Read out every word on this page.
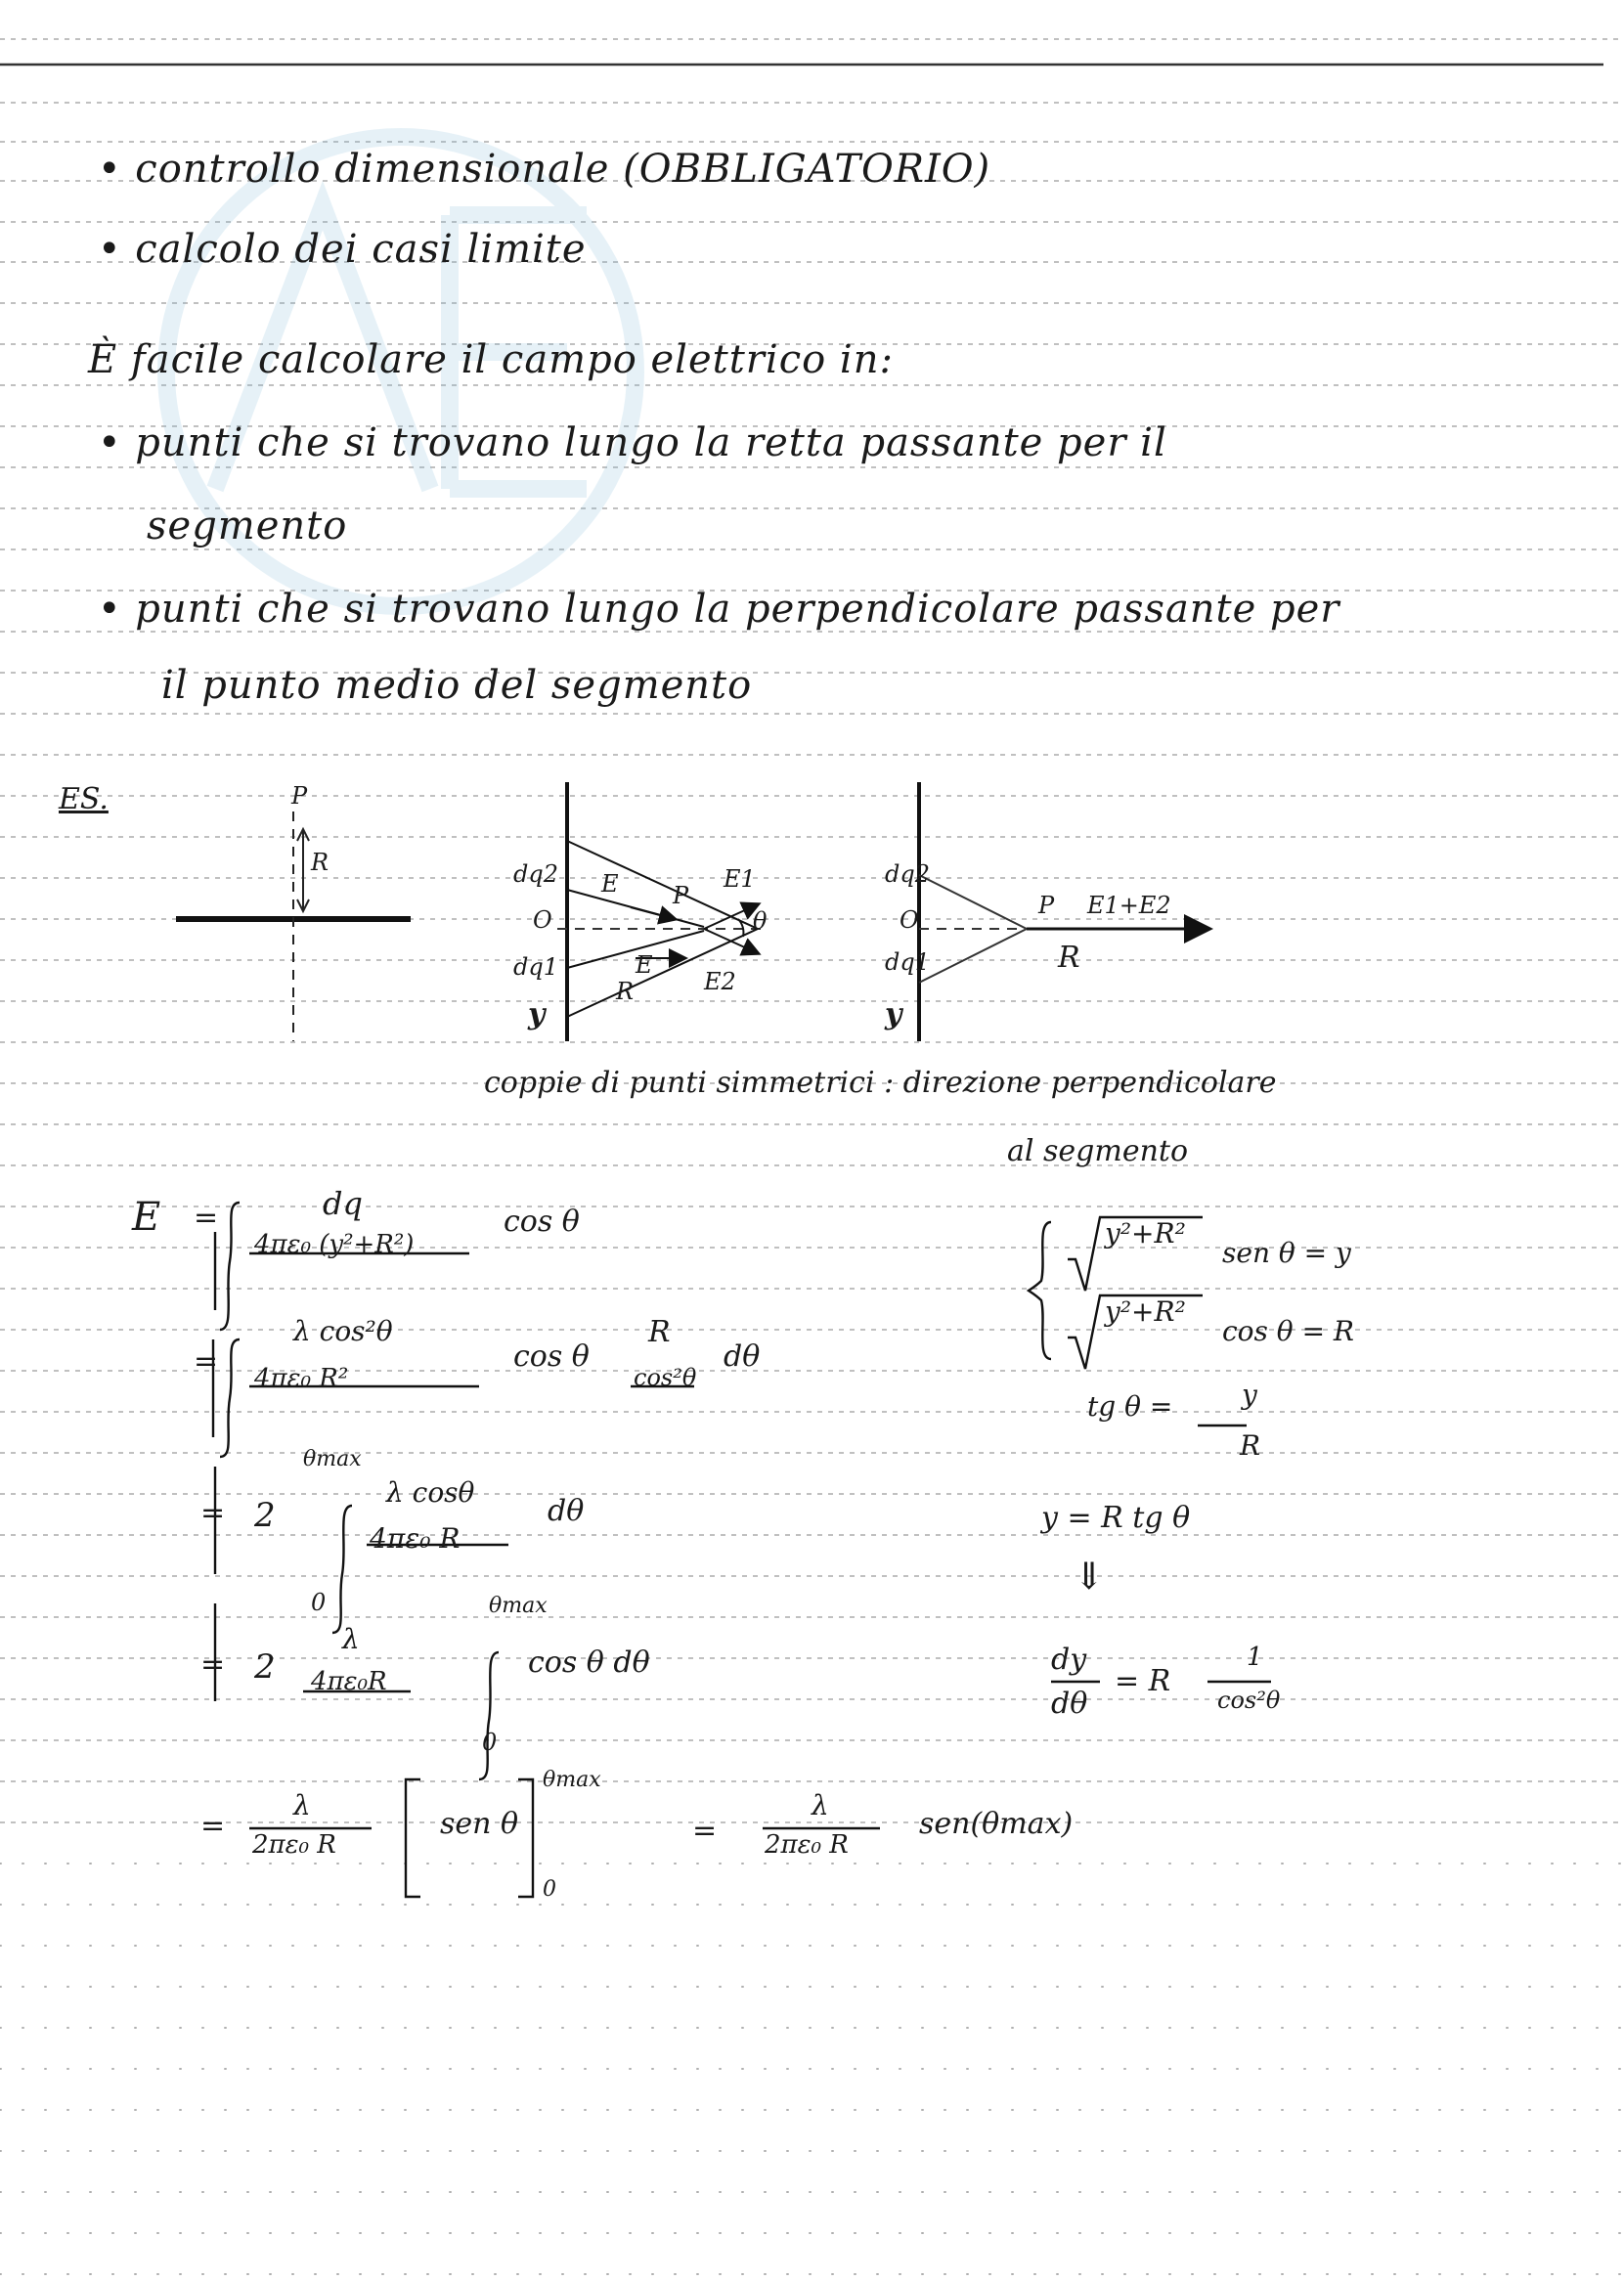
• controllo dimensionale (OBBLIGATORIO)
• calcolo dei casi limite
È facile calcolare il campo elettrico in:
• punti che si trovano lungo la retta passante per il
segmento
• punti che si trovano lungo la perpendicolare passante per
il punto medio del segmento
ES.	P
R	dq2
O
dq1
y
E P
E1
θ
R
E
E2
dq2
O
dq1
y
P E1+E2
R
coppie di punti simmetrici : direzione perpendicolare
al segmento
E =	dq
4πε₀ (y²+R²)
cos θ
=
λ cos²θ
4πε₀ R²
cos θ
R
cos²θ
dθ
= 2
θmax
0
λ cosθ
4πε₀ R
dθ
= 2
λ
4πε₀R
θmax
0
cos θ dθ
=
λ
2πε₀ R
sen θ
θmax
0
=
λ
2πε₀ R
sen(θmax)
y²+R²
sen θ = y
y²+R²
cos θ = R
tg θ =	y
R
y = R tg θ
⇓
dy
dθ
= R
1
cos²θ
